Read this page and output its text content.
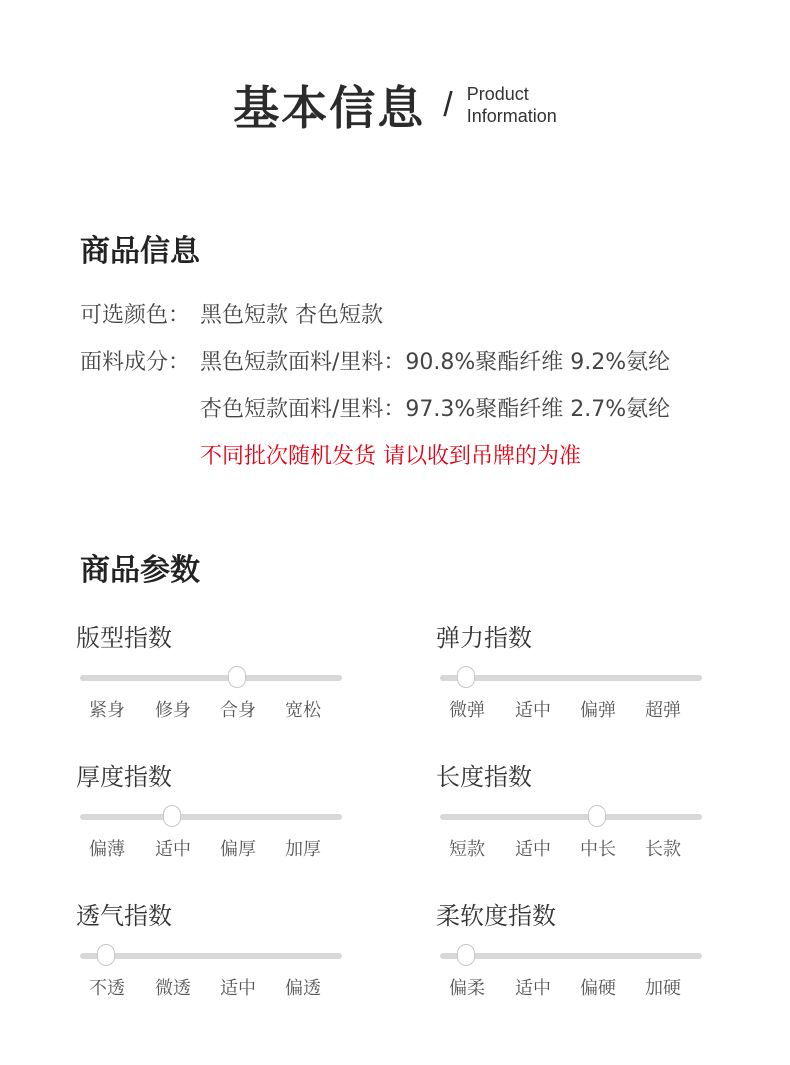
基本信息 / Product
Information
商品信息
可选颜色： 黑色短款 杏色短款
面料成分： 黑色短款面料/里料：90.8%聚酯纤维 9.2%氨纶
杏色短款面料/里料：97.3%聚酯纤维 2.7%氨纶
不同批次随机发货 请以收到吊牌的为准
商品参数
版型指数
紧身	修身	合身	宽松
弹力指数
微弹	适中	偏弹	超弹
厚度指数
偏薄	适中	偏厚	加厚
长度指数
短款	适中	中长	长款
透气指数
不透	微透	适中	偏透
柔软度指数
偏柔	适中	偏硬	加硬
